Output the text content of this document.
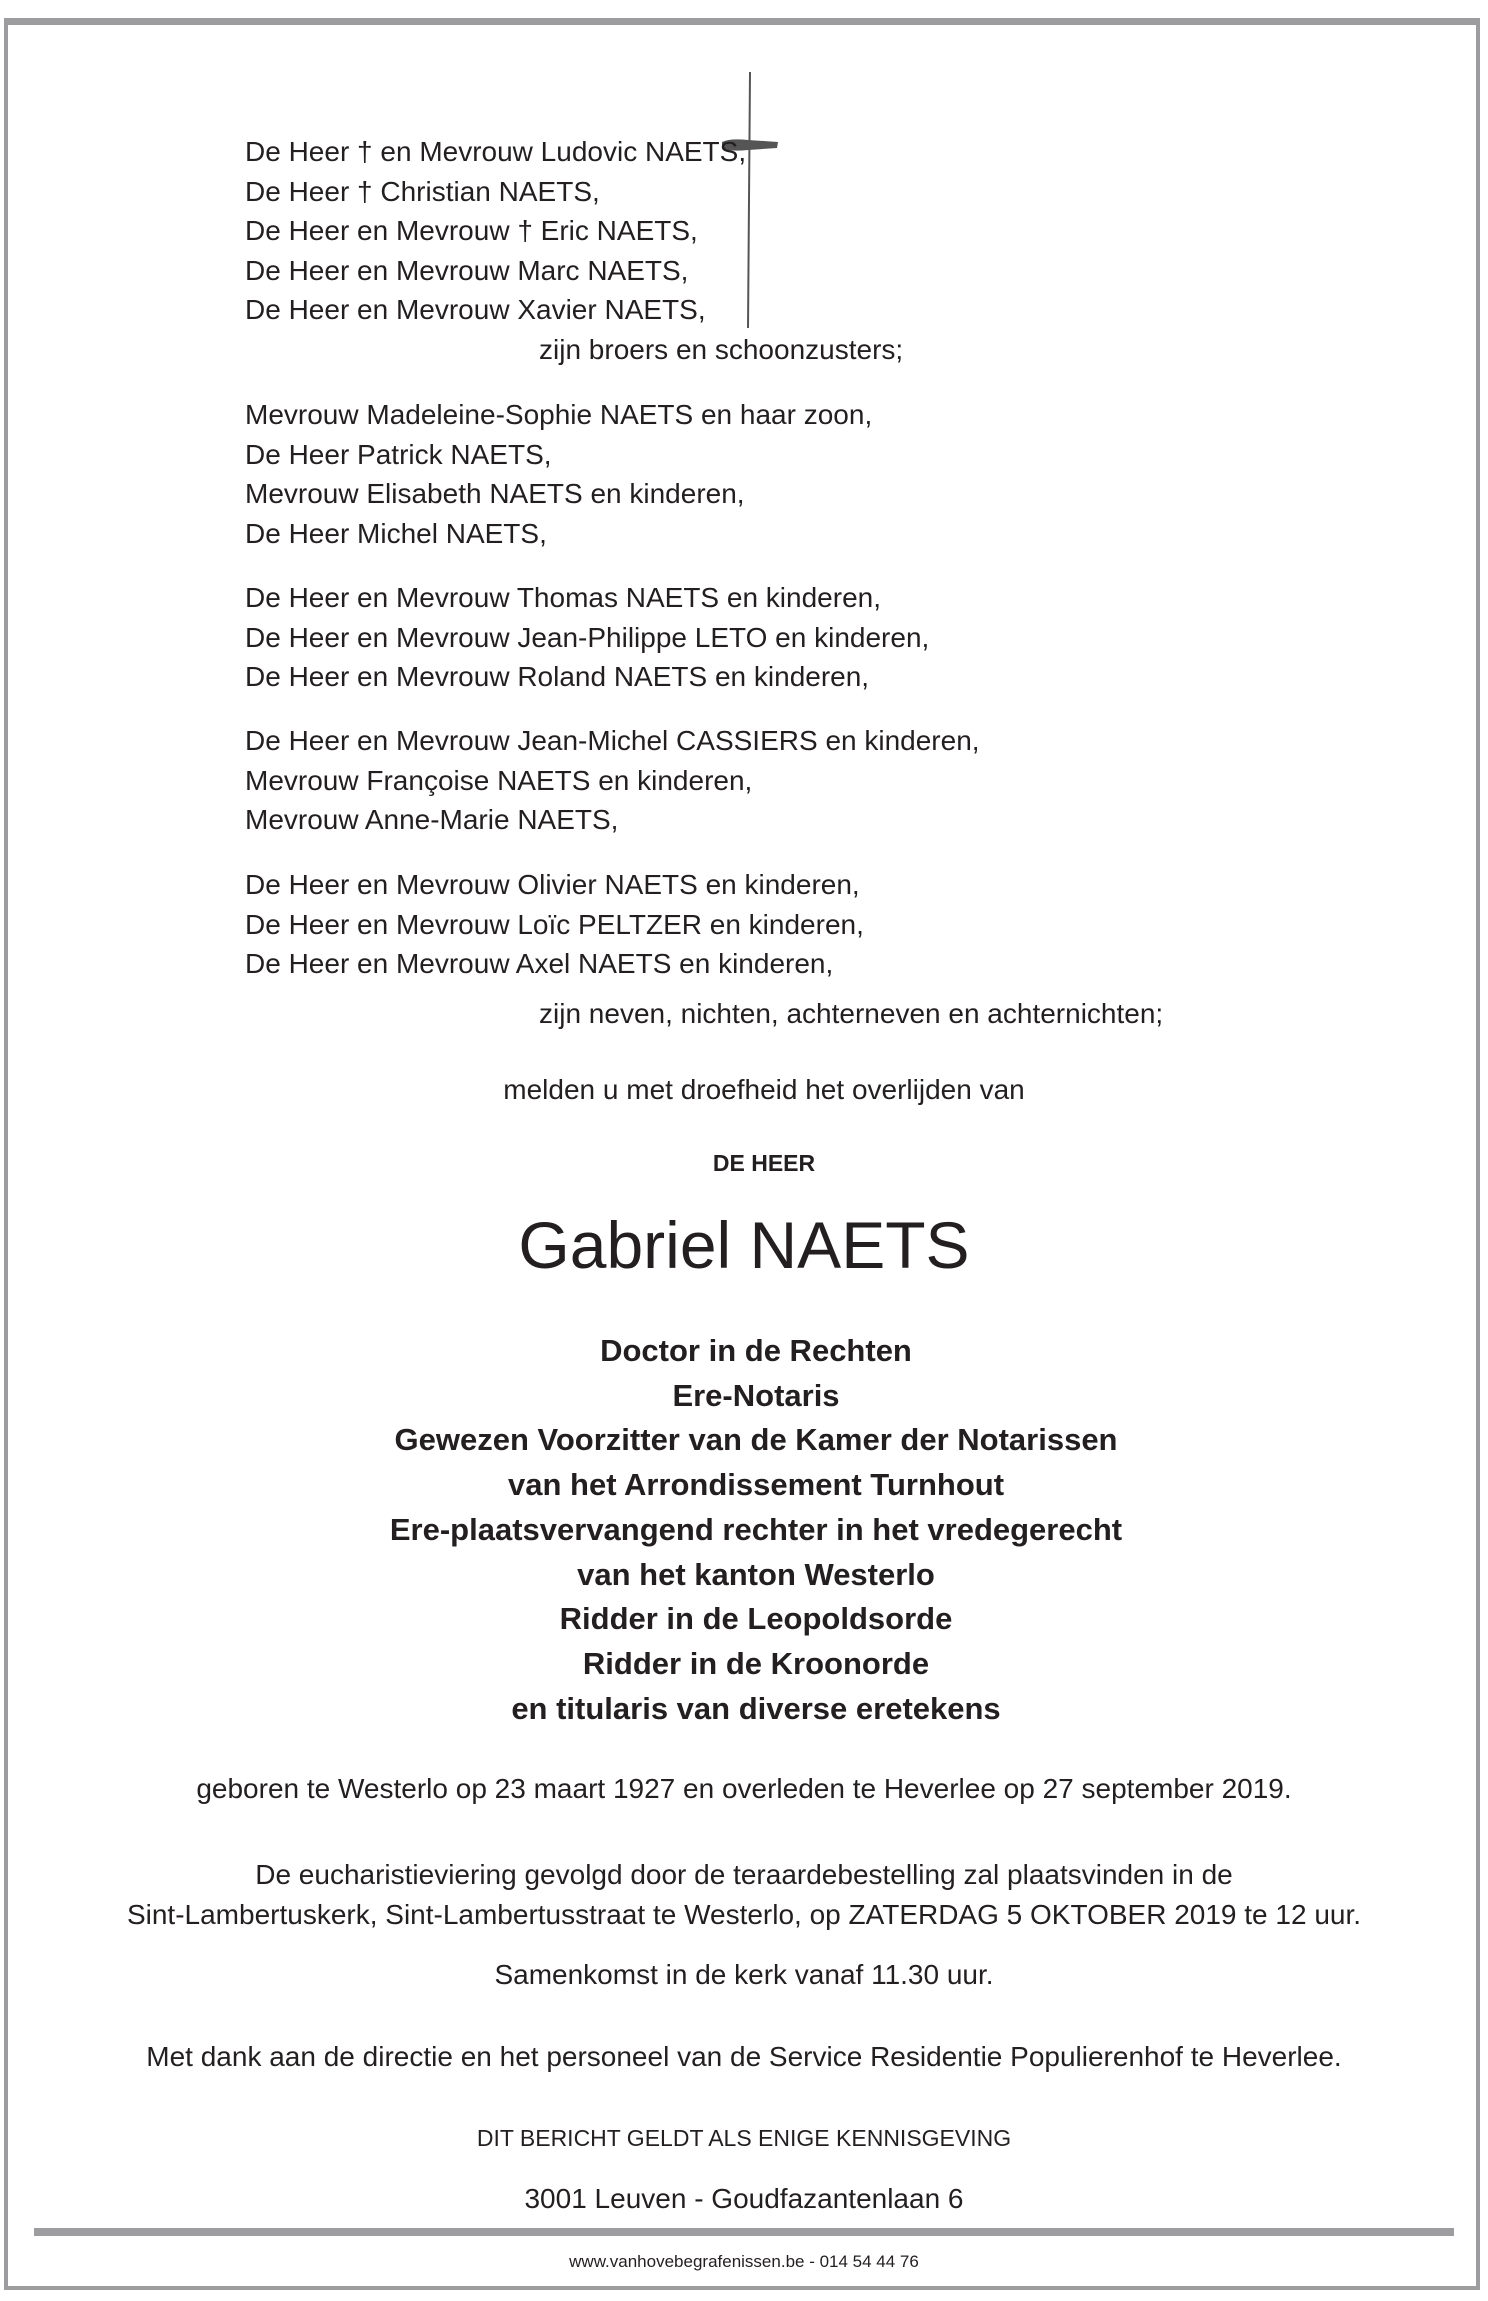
De Heer † en Mevrouw Ludovic NAETS,
De Heer † Christian NAETS,
De Heer en Mevrouw † Eric NAETS,
De Heer en Mevrouw Marc NAETS,
De Heer en Mevrouw Xavier NAETS,
zijn broers en schoonzusters;
Mevrouw Madeleine-Sophie NAETS en haar zoon,
De Heer Patrick NAETS,
Mevrouw Elisabeth NAETS en kinderen,
De Heer Michel NAETS,
De Heer en Mevrouw Thomas NAETS en kinderen,
De Heer en Mevrouw Jean-Philippe LETO en kinderen,
De Heer en Mevrouw Roland NAETS en kinderen,
De Heer en Mevrouw Jean-Michel CASSIERS en kinderen,
Mevrouw Françoise NAETS en kinderen,
Mevrouw Anne-Marie NAETS,
De Heer en Mevrouw Olivier NAETS en kinderen,
De Heer en Mevrouw Loïc PELTZER en kinderen,
De Heer en Mevrouw Axel NAETS en kinderen,
zijn neven, nichten, achterneven en achternichten;
melden u met droefheid het overlijden van
DE HEER
Gabriel NAETS
Doctor in de Rechten
Ere-Notaris
Gewezen Voorzitter van de Kamer der Notarissen
van het Arrondissement Turnhout
Ere-plaatsvervangend rechter in het vredegerecht
van het kanton Westerlo
Ridder in de Leopoldsorde
Ridder in de Kroonorde
en titularis van diverse eretekens
geboren te Westerlo op 23 maart 1927 en overleden te Heverlee op 27 september 2019.
De eucharistieviering gevolgd door de teraardebestelling zal plaatsvinden in de
Sint-Lambertuskerk, Sint-Lambertusstraat te Westerlo, op ZATERDAG 5 OKTOBER 2019 te 12 uur.
Samenkomst in de kerk vanaf 11.30 uur.
Met dank aan de directie en het personeel van de Service Residentie Populierenhof te Heverlee.
DIT BERICHT GELDT ALS ENIGE KENNISGEVING
3001 Leuven - Goudfazantenlaan 6
www.vanhovebegrafenissen.be - 014 54 44 76
